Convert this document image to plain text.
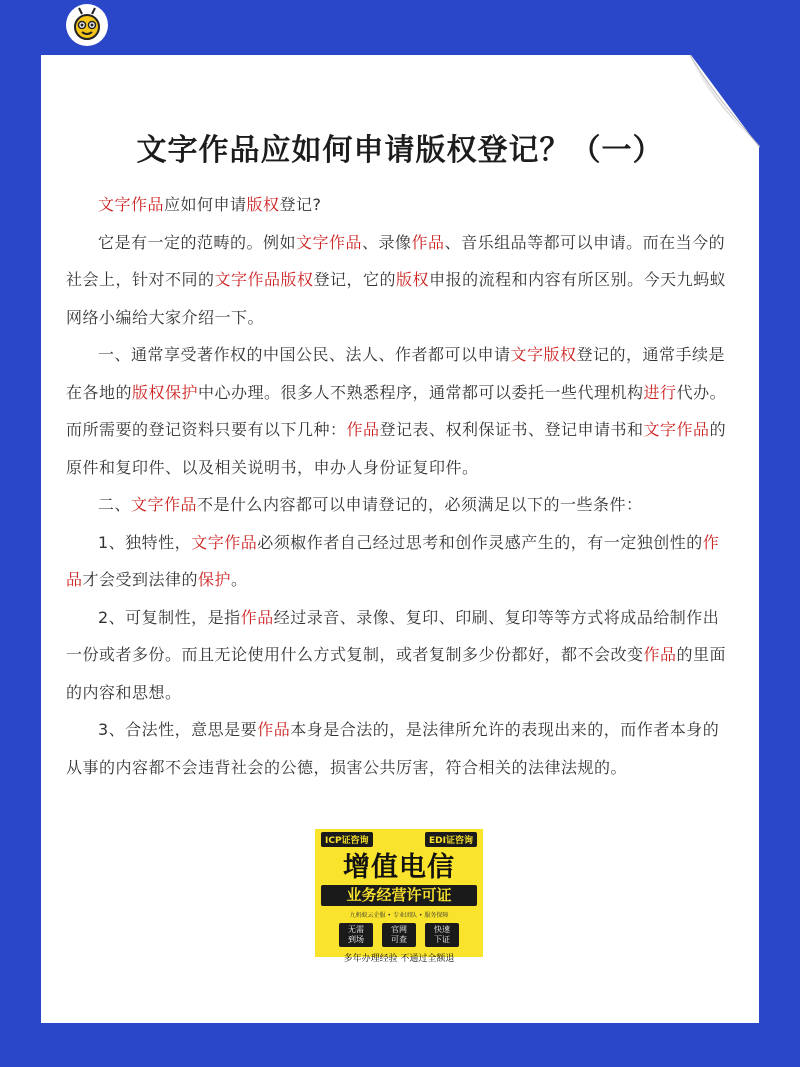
文字作品应如何申请版权登记？（一）

文字作品应如何申请版权登记?

它是有一定的范畴的。例如文字作品、录像作品、音乐组品等都可以申请。而在当今的社会上，针对不同的文字作品版权登记，它的版权申报的流程和内容有所区别。今天九蚂蚁网络小编给大家介绍一下。

一、通常享受著作权的中国公民、法人、作者都可以申请文字版权登记的，通常手续是在各地的版权保护中心办理。很多人不熟悉程序，通常都可以委托一些代理机构进行代办。而所需要的登记资料只要有以下几种：作品登记表、权利保证书、登记申请书和文字作品的原件和复印件、以及相关说明书，申办人身份证复印件。

二、文字作品不是什么内容都可以申请登记的，必须满足以下的一些条件：

1、独特性，文字作品必须椒作者自己经过思考和创作灵感产生的，有一定独创性的作品才会受到法律的保护。

2、可复制性，是指作品经过录音、录像、复印、印刷、复印等等方式将成品给制作出一份或者多份。而且无论使用什么方式复制，或者复制多少份都好，都不会改变作品的里面的内容和思想。

3、合法性，意思是要作品本身是合法的，是法律所允许的表现出来的，而作者本身的从事的内容都不会违背社会的公德，损害公共厉害，符合相关的法律法规的。

ICP证咨询	EDI证咨询
增值电信
业务经营许可证
九蚂蚁云企服 • 专业团队 • 服务保障
无需
到场
官网
可查
快速
下证
多年办理经验 不通过全额退
